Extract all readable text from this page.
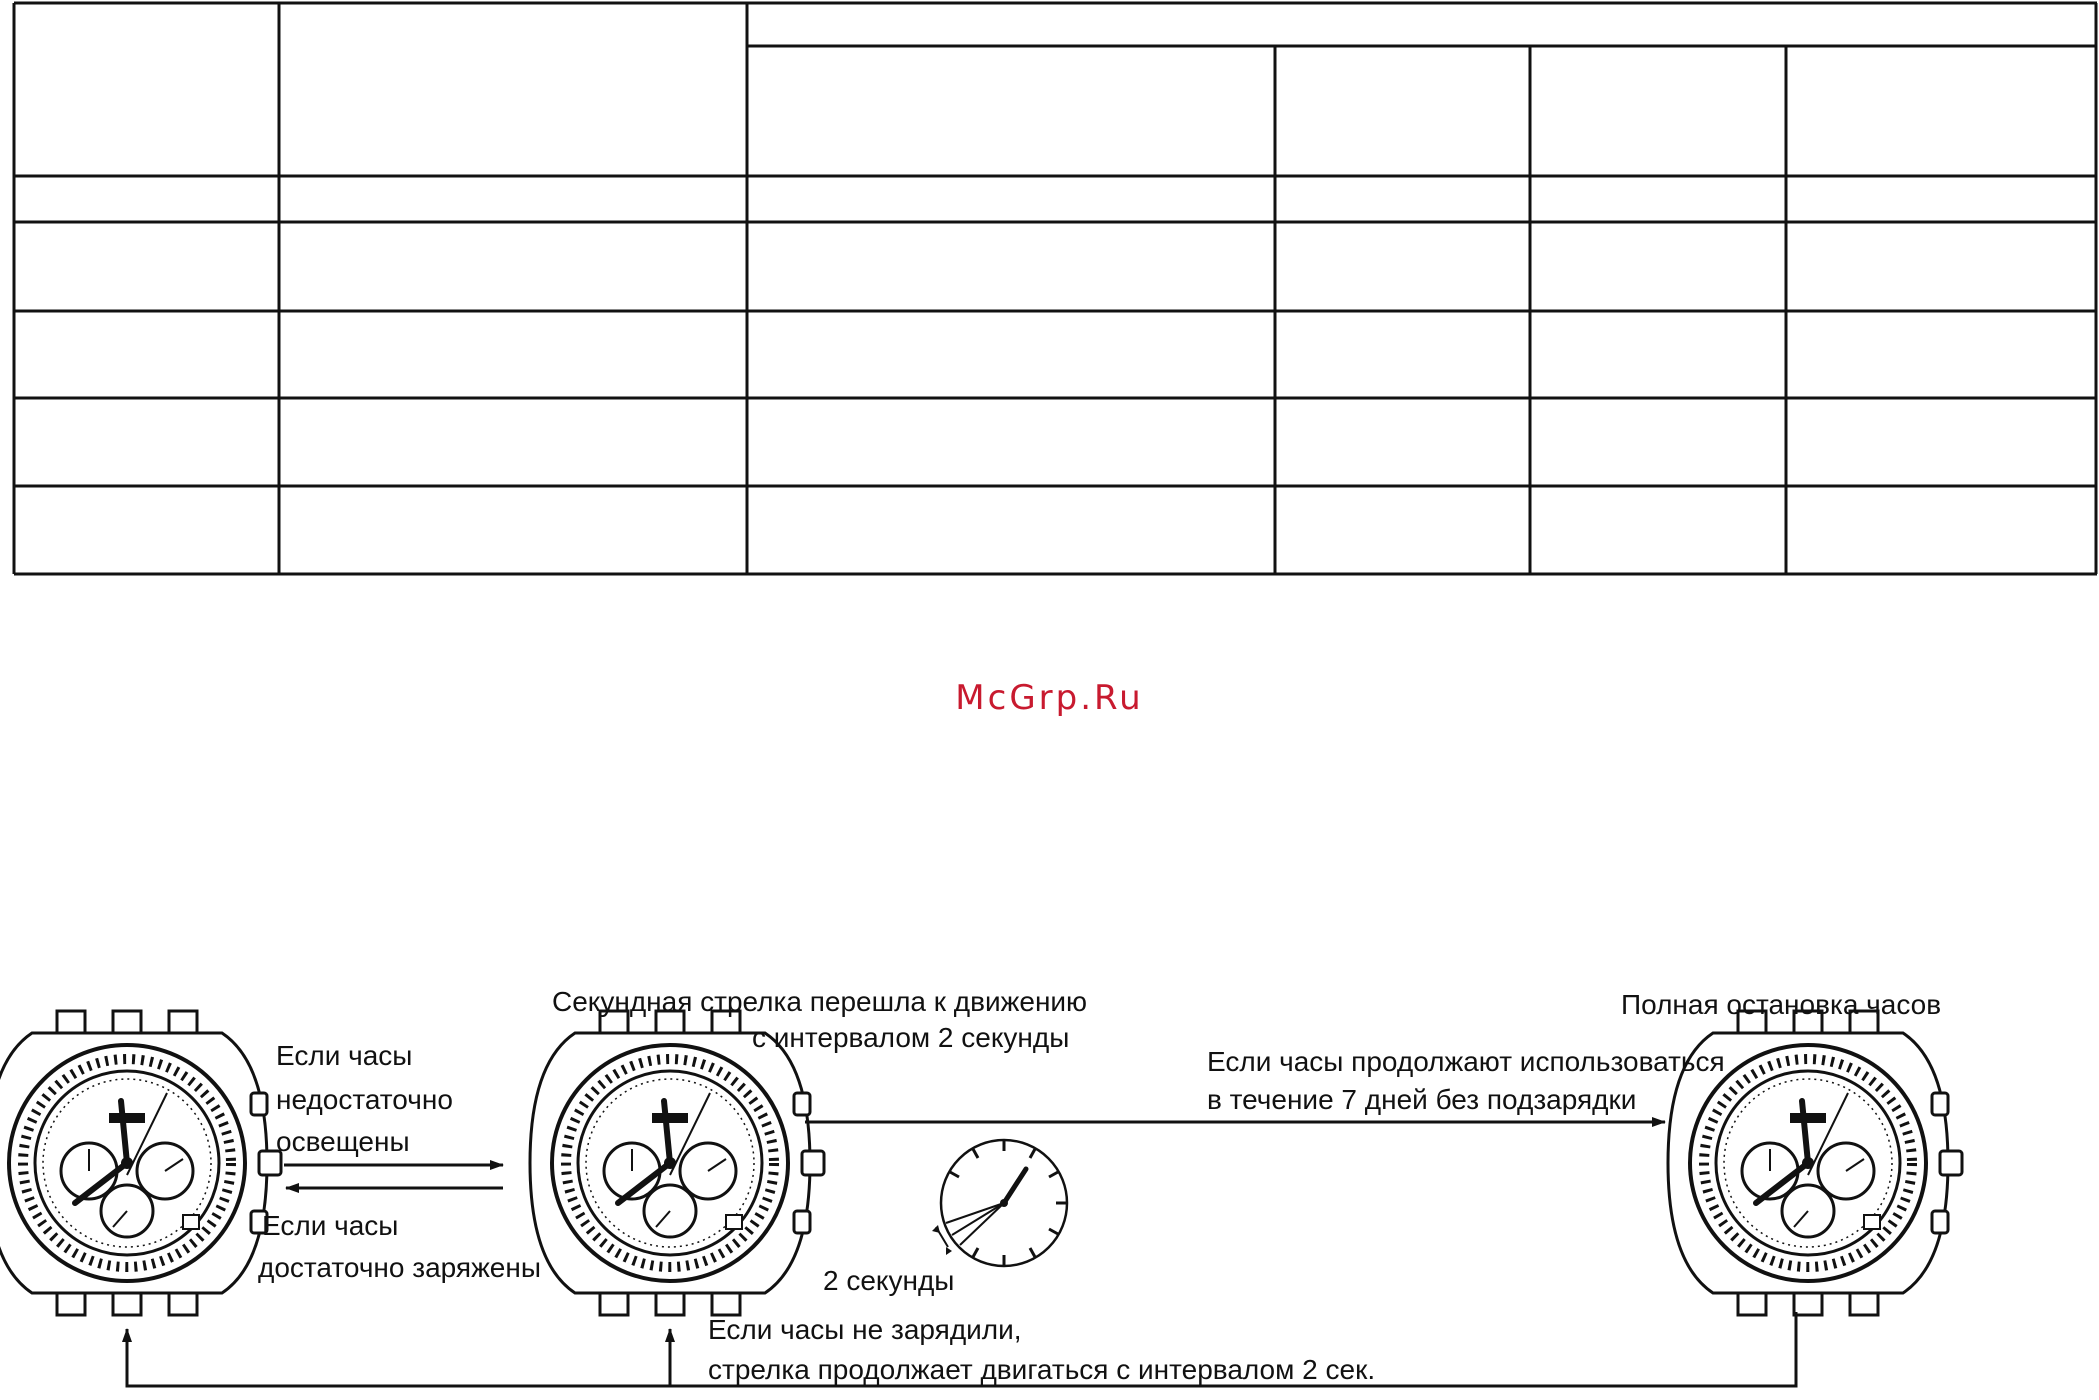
McGrp.Ru
Секундная стрелка перешла к движению
с интервалом 2 секунды
Полная остановка часов
Если часы
недостаточно
освещены
Если часы
достаточно заряжены
Если часы продолжают использоваться
в течение 7 дней без подзарядки
2 секунды
Если часы не зарядили,
стрелка продолжает двигаться с интервалом 2 сек.
